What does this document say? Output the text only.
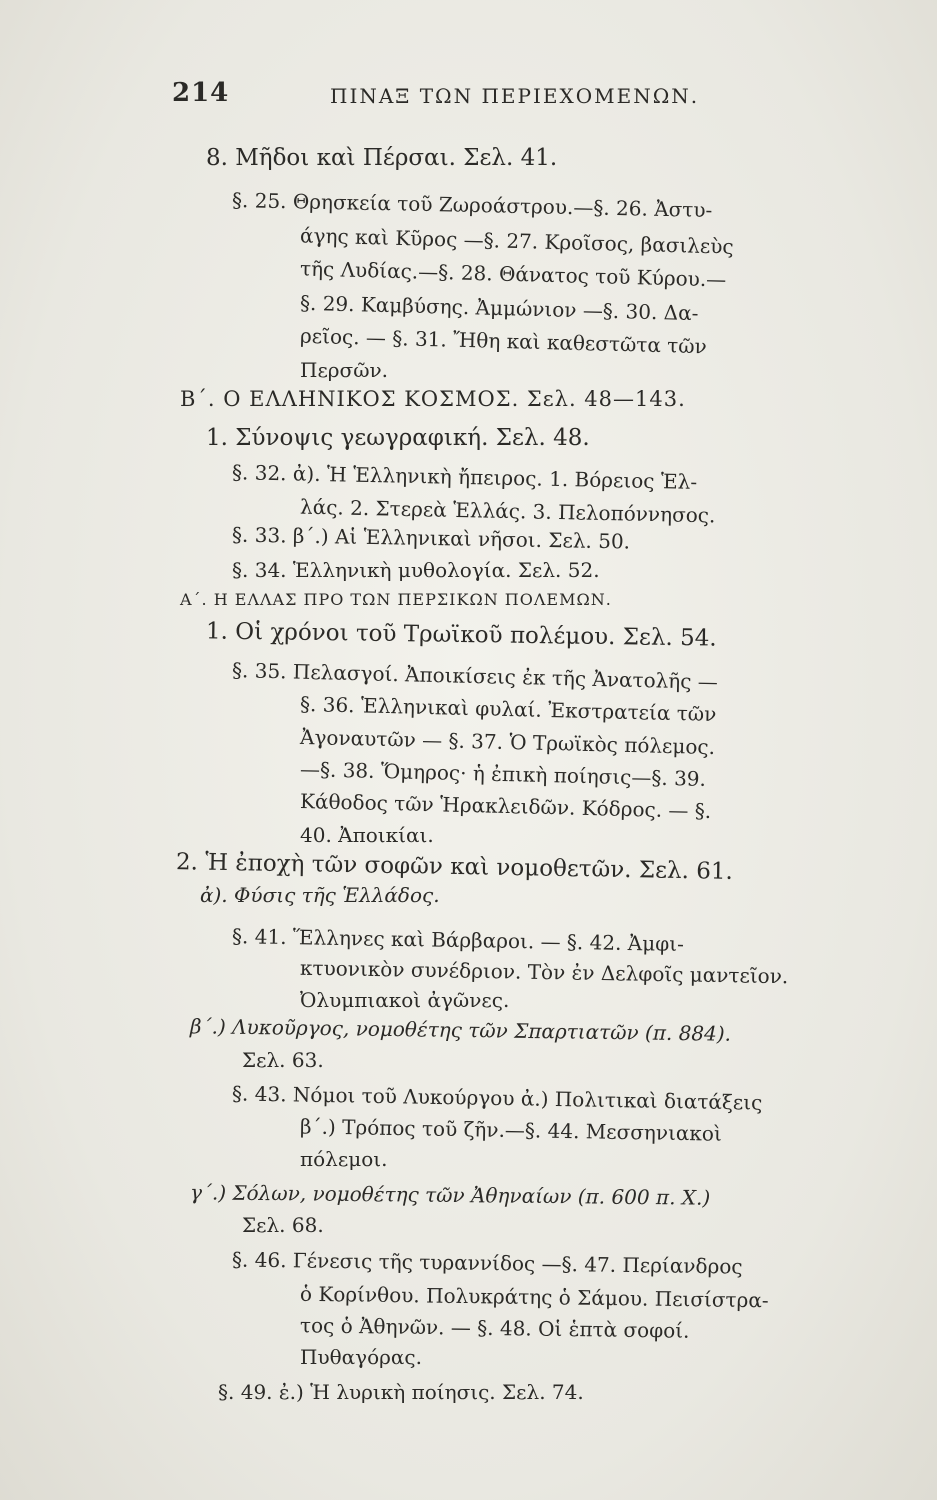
214	ΠΙΝΑΞ ΤΩΝ ΠΕΡΙΕΧΟΜΕΝΩΝ.
8. Μῆδοι καὶ Πέρσαι. Σελ. 41.
§. 25. Θρησκεία τοῦ Ζωροάστρου.—§. 26. Ἀστυ-
άγης καὶ Κῦρος —§. 27. Κροῖσος, βασιλεὺς
τῆς Λυδίας.—§. 28. Θάνατος τοῦ Κύρου.—
§. 29. Καμβύσης. Ἀμμώνιον —§. 30. Δα-
ρεῖος. — §. 31. Ἤθη καὶ καθεστῶτα τῶν
Περσῶν.
Β΄. Ο ΕΛΛΗΝΙΚΟΣ ΚΟΣΜΟΣ. Σελ. 48—143.
1. Σύνοψις γεωγραφική. Σελ. 48.
§. 32. ἀ). Ἡ Ἑλληνικὴ ἤπειρος. 1. Βόρειος Ἑλ-
λάς. 2. Στερεὰ Ἑλλάς. 3. Πελοπόννησος.
§. 33. β΄.) Αἱ Ἑλληνικαὶ νῆσοι. Σελ. 50.
§. 34. Ἑλληνικὴ μυθολογία. Σελ. 52.
Α΄. Η ΕΛΛΑΣ ΠΡΟ ΤΩΝ ΠΕΡΣΙΚΩΝ ΠΟΛΕΜΩΝ.
1. Οἱ χρόνοι τοῦ Τρωϊκοῦ πολέμου. Σελ. 54.
§. 35. Πελασγοί. Ἀποικίσεις ἐκ τῆς Ἀνατολῆς —
§. 36. Ἑλληνικαὶ φυλαί. Ἐκστρατεία τῶν
Ἀγοναυτῶν — §. 37. Ὁ Τρωϊκὸς πόλεμος.
—§. 38. Ὅμηρος· ἡ ἐπικὴ ποίησις—§. 39.
Κάθοδος τῶν Ἡρακλειδῶν. Κόδρος. — §.
40. Ἀποικίαι.
2. Ἡ ἐποχὴ τῶν σοφῶν καὶ νομοθετῶν. Σελ. 61.
ἀ). Φύσις τῆς Ἑλλάδος.
§. 41. Ἕλληνες καὶ Βάρβαροι. — §. 42. Ἀμφι-
κτυονικὸν συνέδριον. Τὸν ἐν Δελφοῖς μαντεῖον.
Ὀλυμπιακοὶ ἀγῶνες.
β΄.) Λυκοῦργος, νομοθέτης τῶν Σπαρτιατῶν (π. 884).
Σελ. 63.
§. 43. Νόμοι τοῦ Λυκούργου ἀ.) Πολιτικαὶ διατάξεις
β΄.) Τρόπος τοῦ ζῆν.—§. 44. Μεσσηνιακοὶ
πόλεμοι.
γ΄.) Σόλων, νομοθέτης τῶν Ἀθηναίων (π. 600 π. Χ.)
Σελ. 68.
§. 46. Γένεσις τῆς τυραννίδος —§. 47. Περίανδρος
ὁ Κορίνθου. Πολυκράτης ὁ Σάμου. Πεισίστρα-
τος ὁ Ἀθηνῶν. — §. 48. Οἱ ἑπτὰ σοφοί.
Πυθαγόρας.
§. 49. ἐ.) Ἡ λυρικὴ ποίησις. Σελ. 74.
